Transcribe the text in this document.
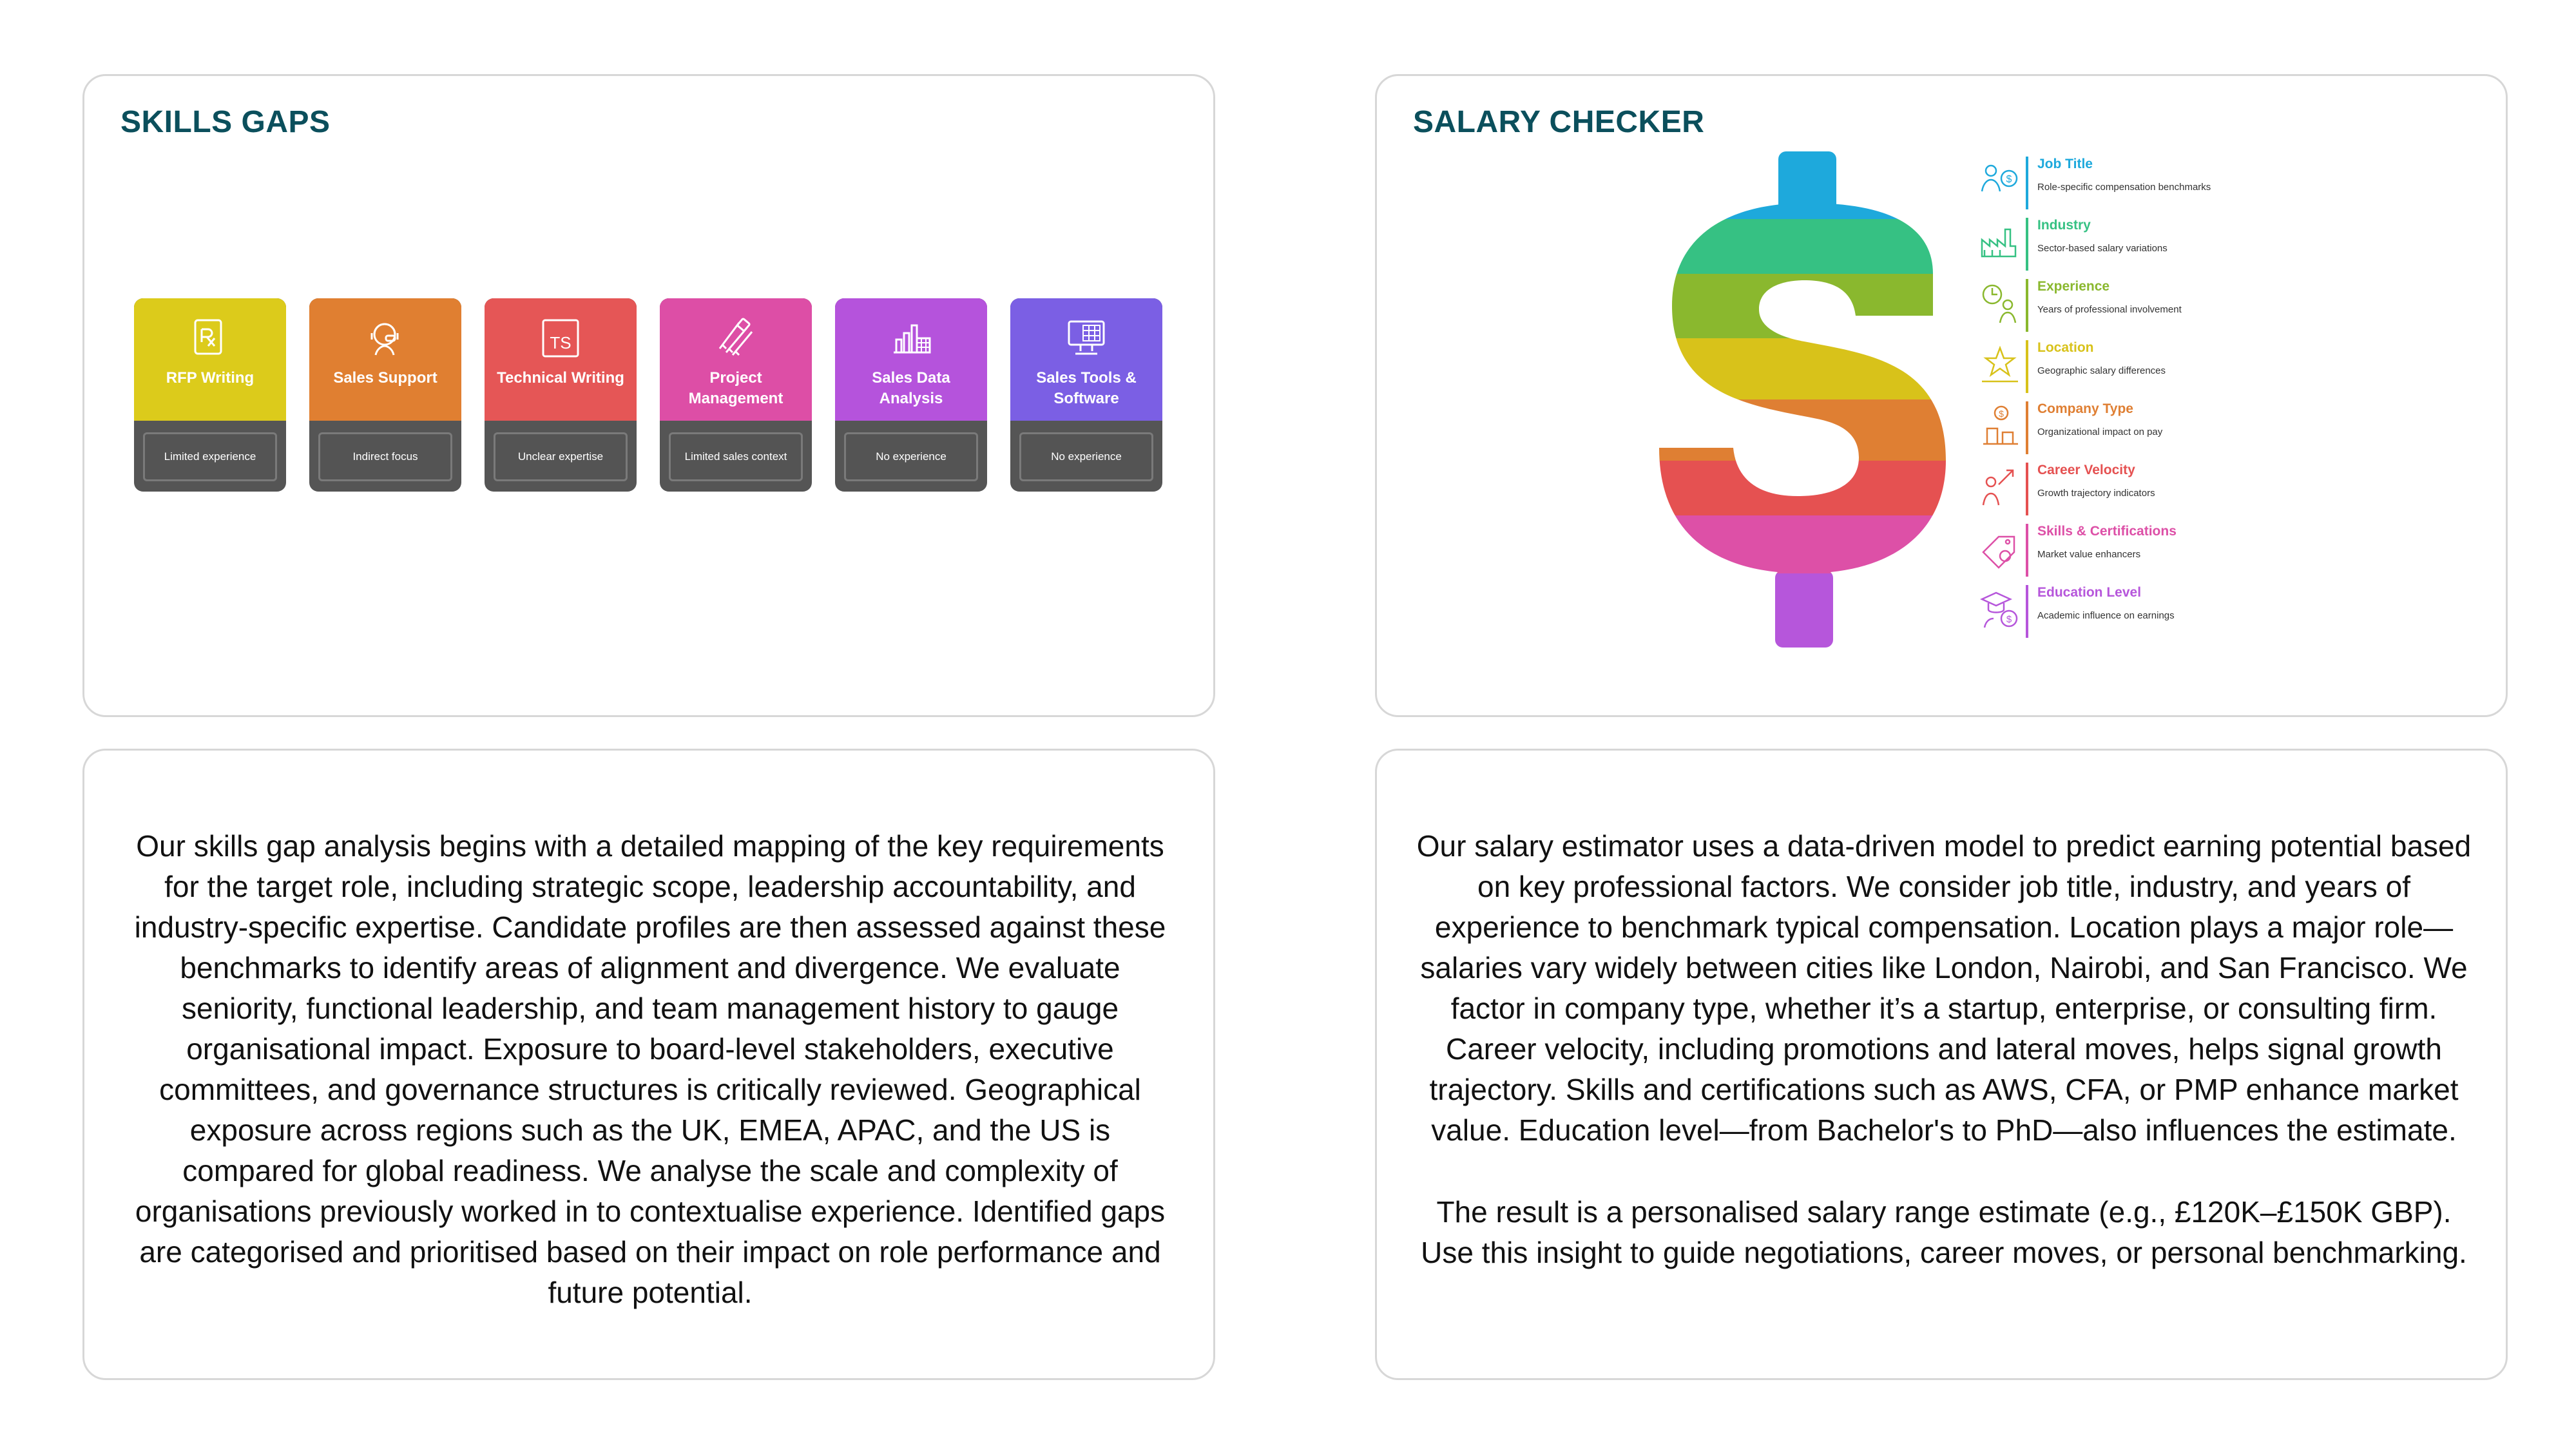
SKILLS GAPS
RFP Writing
Limited experience
Sales Support
Indirect focus
TS
Technical Writing
Unclear expertise
Project Management
Limited sales context
Sales Data Analysis
No experience
Sales Tools & Software
No experience
SALARY CHECKER
$
Job Title
Role-specific compensation benchmarks
Industry
Sector-based salary variations
Experience
Years of professional involvement
Location
Geographic salary differences
$ Company Type
Organizational impact on pay
Career Velocity
Growth trajectory indicators
Skills & Certifications
Market value enhancers
$
Education Level
Academic influence on earnings
Our skills gap analysis begins with a detailed mapping of the key requirements for the target role, including strategic scope, leadership accountability, and industry-specific expertise. Candidate profiles are then assessed against these benchmarks to identify areas of alignment and divergence. We evaluate seniority, functional leadership, and team management history to gauge organisational impact. Exposure to board-level stakeholders, executive committees, and governance structures is critically reviewed. Geographical exposure across regions such as the UK, EMEA, APAC, and the US is compared for global readiness. We analyse the scale and complexity of organisations previously worked in to contextualise experience. Identified gaps are categorised and prioritised based on their impact on role performance and future potential.
Our salary estimator uses a data-driven model to predict earning potential based on key professional factors. We consider job title, industry, and years of experience to benchmark typical compensation. Location plays a major role—salaries vary widely between cities like London, Nairobi, and San Francisco. We factor in company type, whether it’s a startup, enterprise, or consulting firm. Career velocity, including promotions and lateral moves, helps signal growth trajectory. Skills and certifications such as AWS, CFA, or PMP enhance market value. Education level—from Bachelor's to PhD—also influences the estimate.
The result is a personalised salary range estimate (e.g., £120K–£150K GBP). Use this insight to guide negotiations, career moves, or personal benchmarking.
